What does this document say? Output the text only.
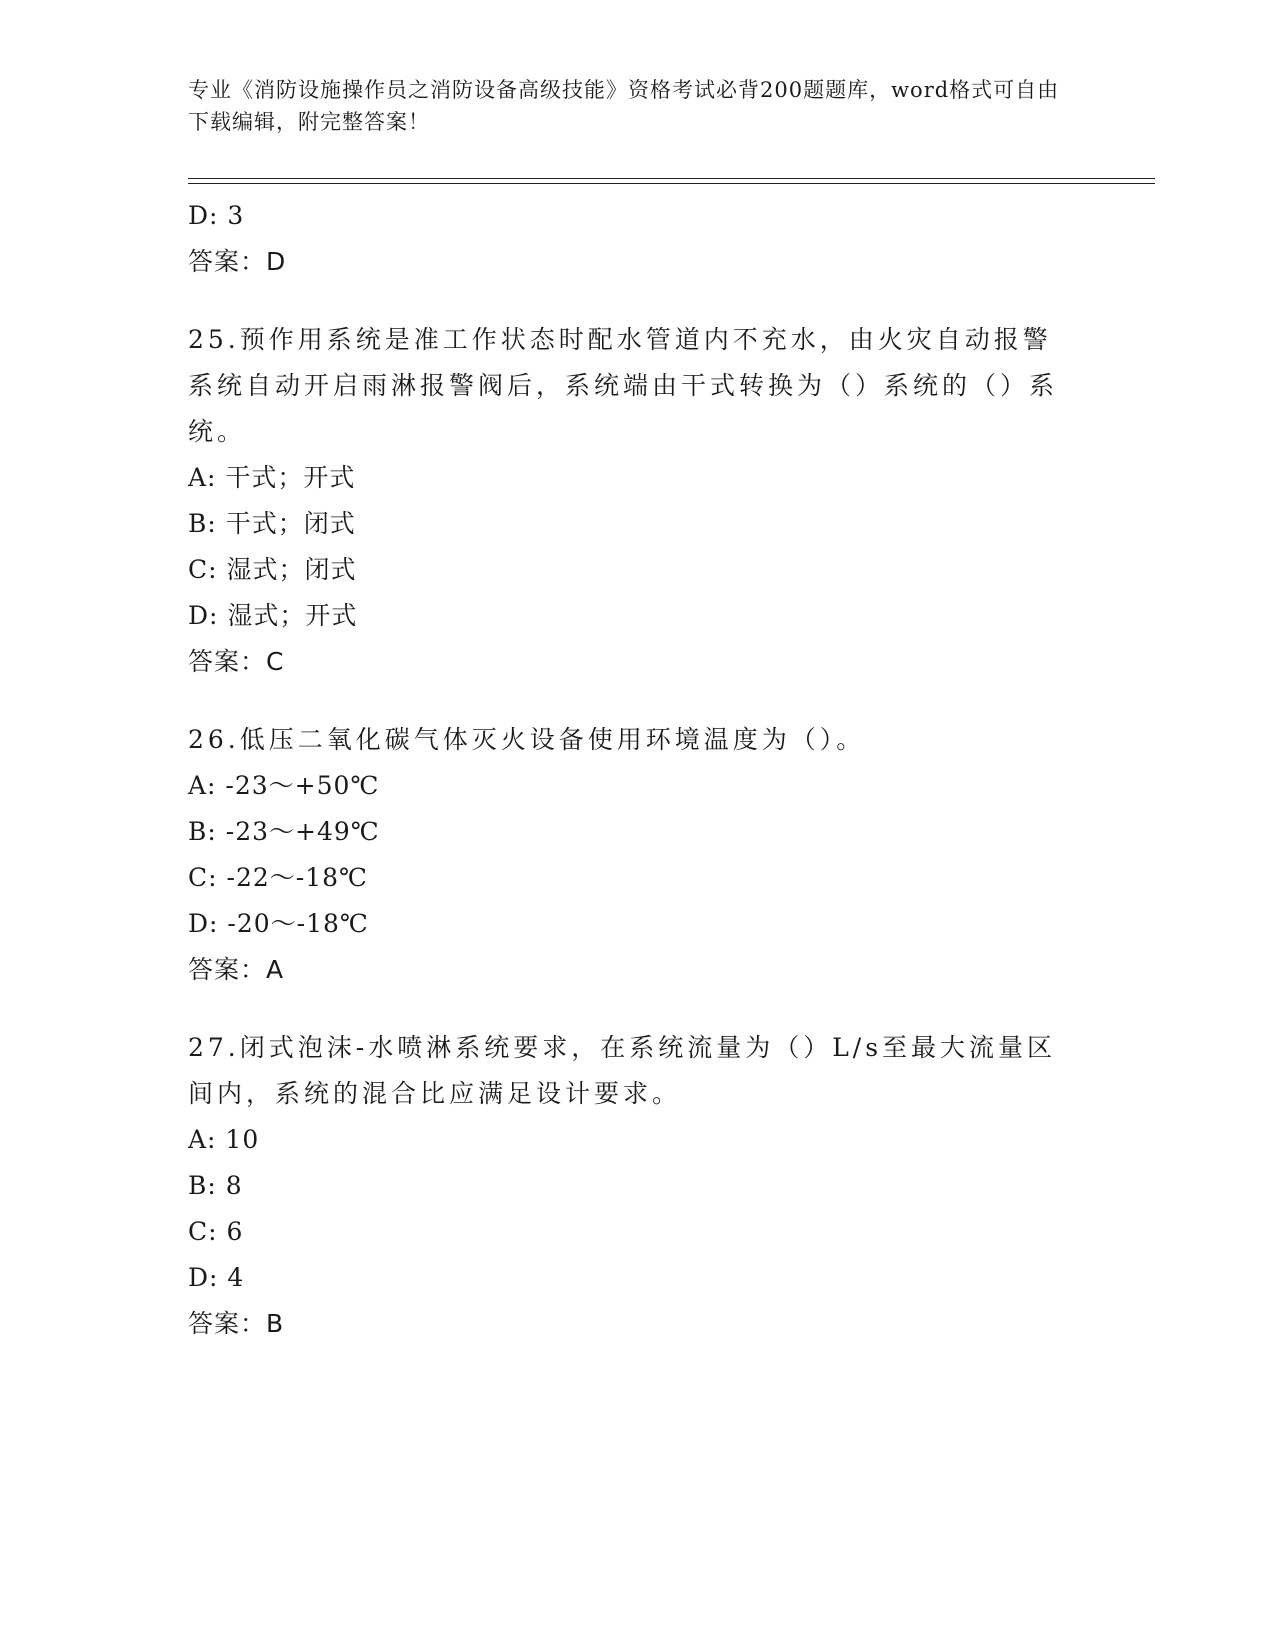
专业《消防设施操作员之消防设备高级技能》资格考试必背200题题库，word格式可自由下载编辑，附完整答案！
D: 3
答案：D
25.预作用系统是准工作状态时配水管道内不充水，由火灾自动报警系统自动开启雨淋报警阀后，系统端由干式转换为（）系统的（）系统。
A: 干式；开式
B: 干式；闭式
C: 湿式；闭式
D: 湿式；开式
答案：C
26.低压二氧化碳气体灭火设备使用环境温度为（）。
A: -23～+50℃
B: -23～+49℃
C: -22～-18℃
D: -20～-18℃
答案：A
27.闭式泡沫-水喷淋系统要求，在系统流量为（）L/s至最大流量区间内，系统的混合比应满足设计要求。
A: 10
B: 8
C: 6
D: 4
答案：B
